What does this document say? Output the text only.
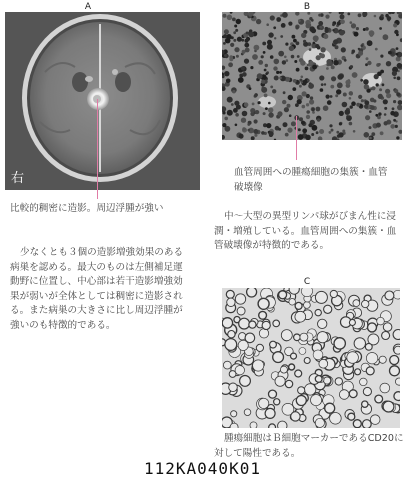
A	B
C
右
比較的稠密に造影。周辺浮腫が強い
少なくとも３個の造影増強効果のある病巣を認める。最大のものは左側補足運動野に位置し、中心部は若干造影増強効果が弱いが全体としては稠密に造影される。また病巣の大きさに比し周辺浮腫が強いのも特徴的である。
血管周囲への腫瘍細胞の集簇・血管破壊像
中～大型の異型リンパ球がびまん性に浸潤・増殖している。血管周囲への集簇・血管破壊像が特徴的である。
腫瘍細胞はＢ細胞マーカーであるCD20に対して陽性である。
112KA040K01
